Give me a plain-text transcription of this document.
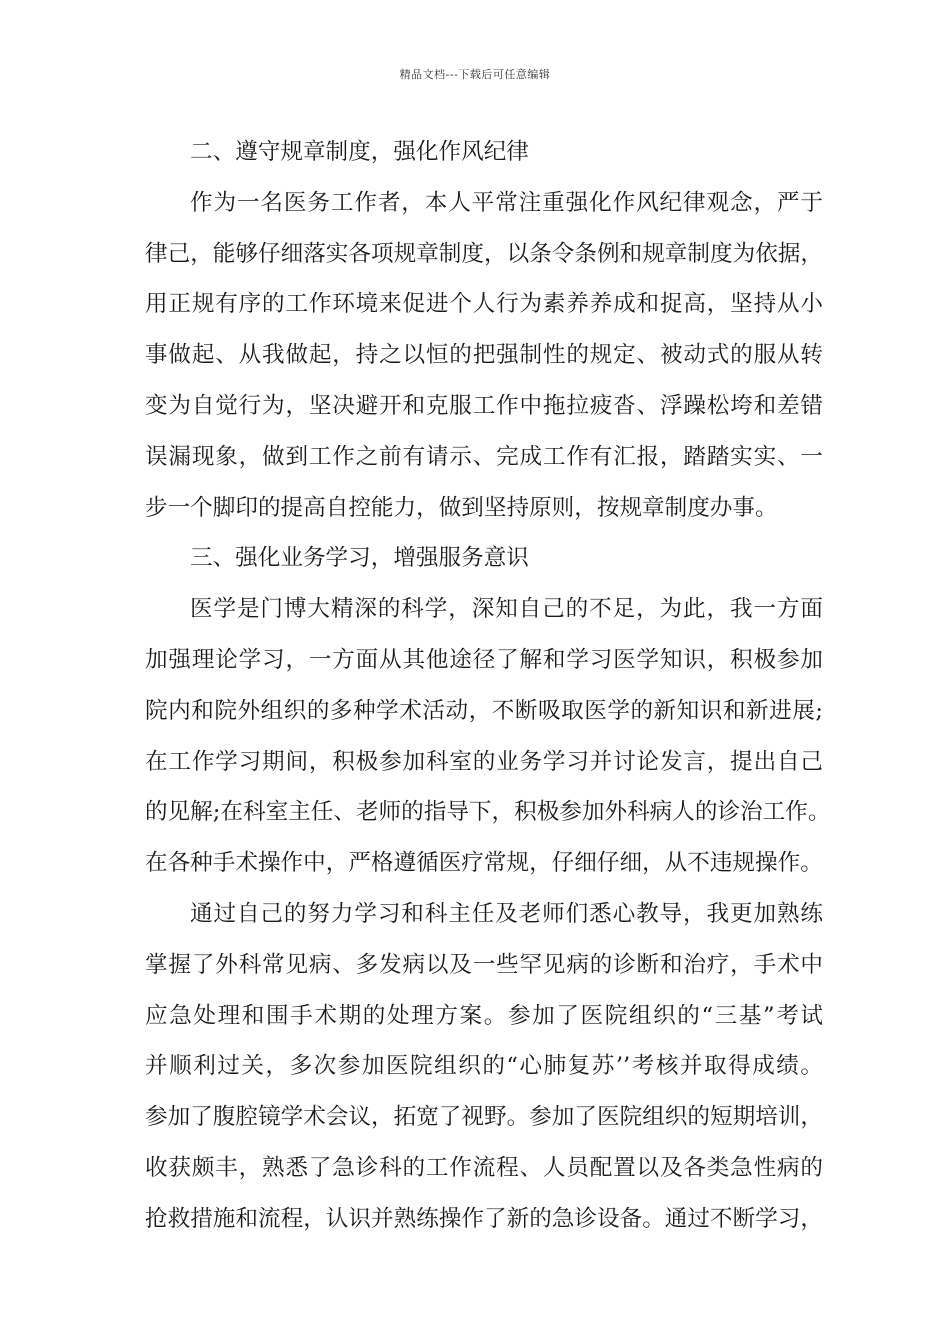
精品文档---下载后可任意编辑
二、遵守规章制度，强化作风纪律
作为一名医务工作者，本人平常注重强化作风纪律观念，严于
律己，能够仔细落实各项规章制度，以条令条例和规章制度为依据，
用正规有序的工作环境来促进个人行为素养养成和捉高，坚持从小
事做起、从我做起，持之以恒的把强制性的规定、被动式的服从转
变为自觉行为，坚决避开和克服工作中拖拉疲沓、浮躁松垮和差错
误漏现象，做到工作之前有请示、完成工作有汇报，踏踏实实、一
步一个脚印的提高自控能力，做到坚持原则，按规章制度办事。
三、强化业务学习，增强服务意识
医学是门博大精深的科学，深知自己的不足，为此，我一方面
加强理论学习，一方面从其他途径了解和学习医学知识，积极参加
院内和院外组织的多种学术活动，不断吸取医学的新知识和新进展;
在工作学习期间，积极参加科室的业务学习并讨论发言，提出自己
的见解;在科室主任、老师的指导下，积极参加外科病人的诊治工作。
在各种手术操作中，严格遵循医疗常规，仔细仔细，从不违规操作。
通过自己的努力学习和科主任及老师们悉心教导，我更加熟练
掌握了外科常见病、多发病以及一些罕见病的诊断和治疗，手术中
应急处理和围手术期的处理方案。参加了医院组织的“三基”考试
并顺利过关，多次参加医院组织的“心肺复苏’’考核并取得成绩。
参加了腹腔镜学术会议，拓宽了视野。参加了医院组织的短期培训，
收获颇丰，熟悉了急诊科的工作流程、人员配置以及各类急性病的
抢救措施和流程，认识并熟练操作了新的急诊设备。通过不断学习，
